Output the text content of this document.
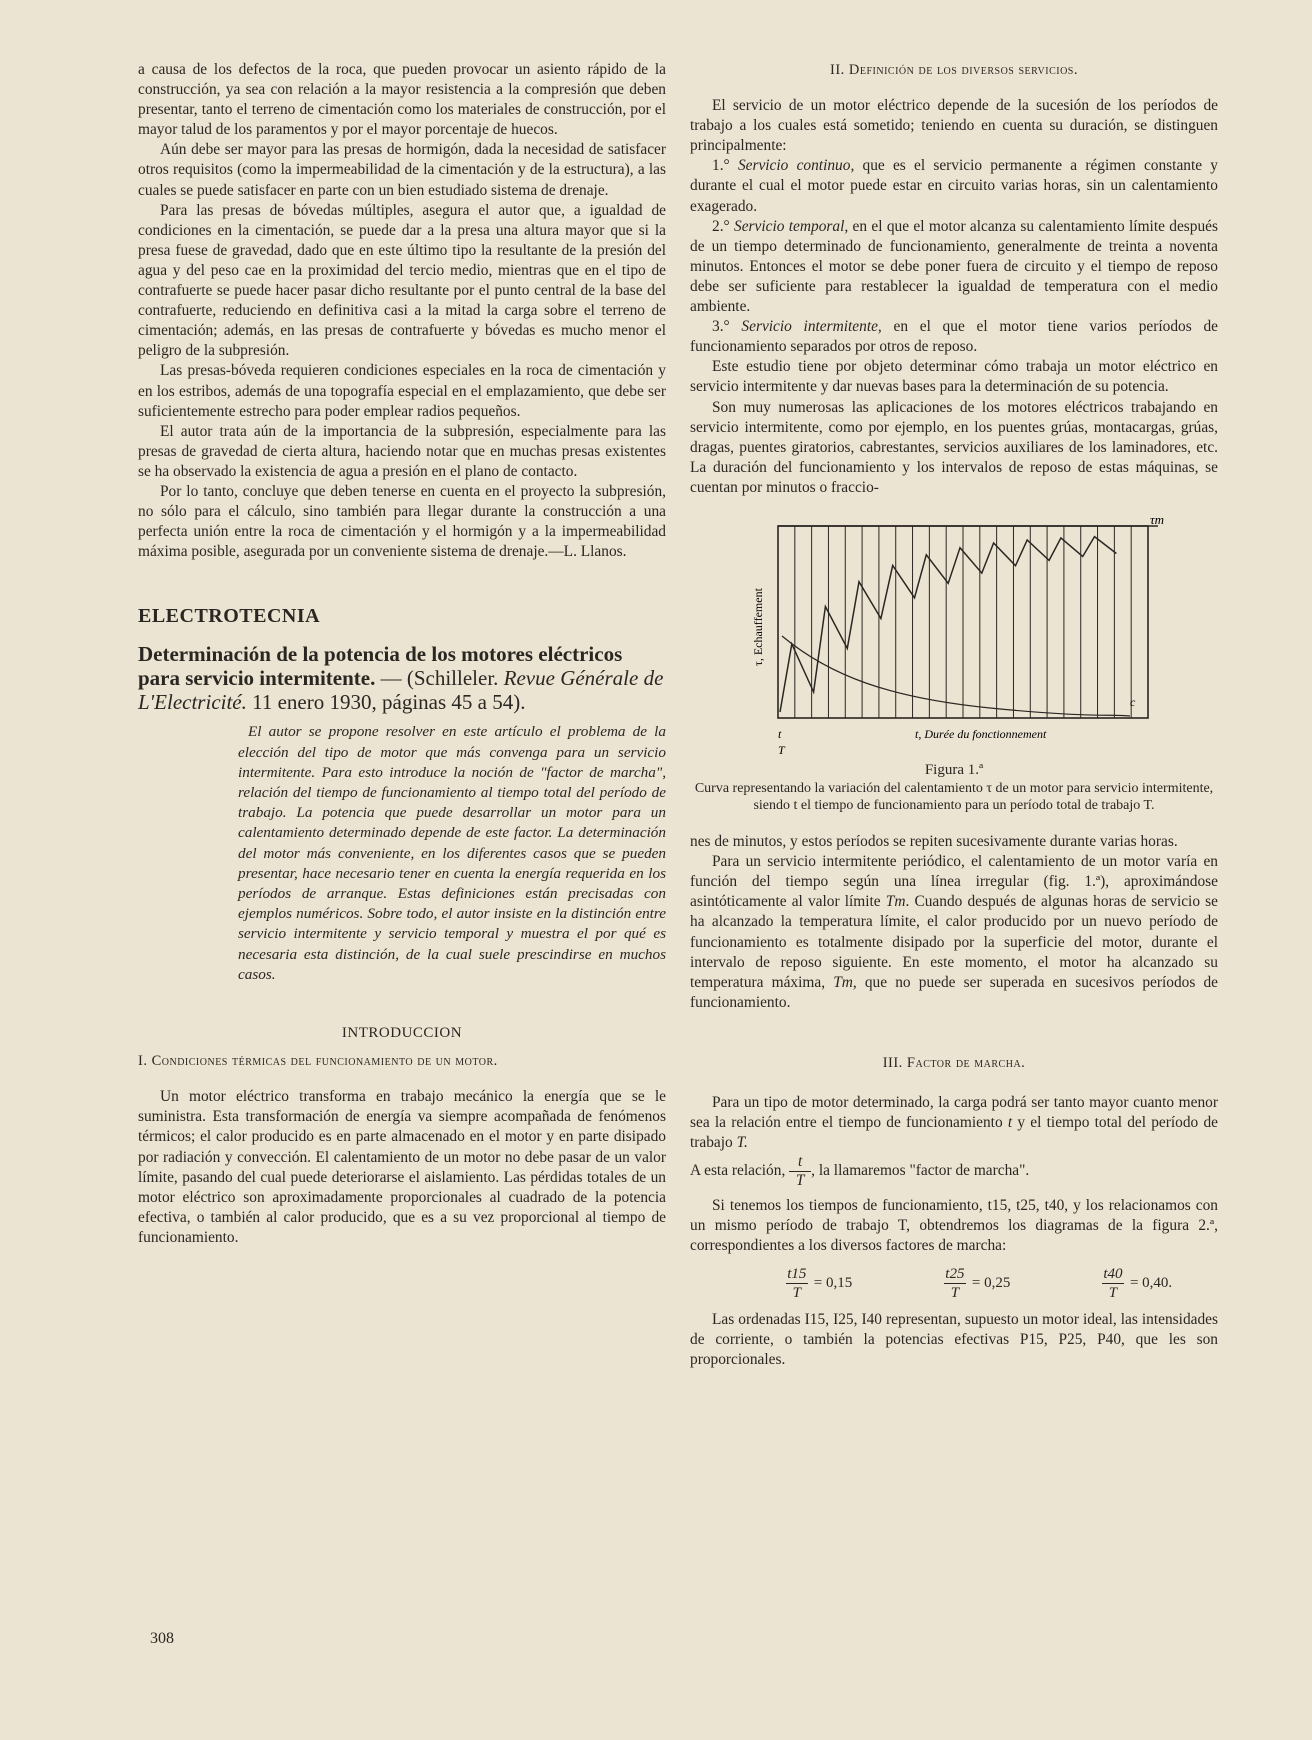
a causa de los defectos de la roca, que pueden provocar un asiento rápido de la construcción, ya sea con relación a la mayor resistencia a la compresión que deben presentar, tanto el terreno de cimentación como los materiales de construcción, por el mayor talud de los paramentos y por el mayor porcentaje de huecos.

Aún debe ser mayor para las presas de hormigón, dada la necesidad de satisfacer otros requisitos (como la impermeabilidad de la cimentación y de la estructura), a las cuales se puede satisfacer en parte con un bien estudiado sistema de drenaje.

Para las presas de bóvedas múltiples, asegura el autor que, a igualdad de condiciones en la cimentación, se puede dar a la presa una altura mayor que si la presa fuese de gravedad, dado que en este último tipo la resultante de la presión del agua y del peso cae en la proximidad del tercio medio, mientras que en el tipo de contrafuerte se puede hacer pasar dicho resultante por el punto central de la base del contrafuerte, reduciendo en definitiva casi a la mitad la carga sobre el terreno de cimentación; además, en las presas de contrafuerte y bóvedas es mucho menor el peligro de la subpresión.

Las presas-bóveda requieren condiciones especiales en la roca de cimentación y en los estribos, además de una topografía especial en el emplazamiento, que debe ser suficientemente estrecho para poder emplear radios pequeños.

El autor trata aún de la importancia de la subpresión, especialmente para las presas de gravedad de cierta altura, haciendo notar que en muchas presas existentes se ha observado la existencia de agua a presión en el plano de contacto.

Por lo tanto, concluye que deben tenerse en cuenta en el proyecto la subpresión, no sólo para el cálculo, sino también para llegar durante la construcción a una perfecta unión entre la roca de cimentación y el hormigón y a la impermeabilidad máxima posible, asegurada por un conveniente sistema de drenaje.—L. Llanos.

ELECTROTECNIA
Determinación de la potencia de los motores eléctricos para servicio intermitente. — (Schilleler. Revue Générale de L'Electricité. 11 enero 1930, páginas 45 a 54).

El autor se propone resolver en este artículo el problema de la elección del tipo de motor que más convenga para un servicio intermitente. Para esto introduce la noción de "factor de marcha", relación del tiempo de funcionamiento al tiempo total del período de trabajo. La potencia que puede desarrollar un motor para un calentamiento determinado depende de este factor. La determinación del motor más conveniente, en los diferentes casos que se pueden presentar, hace necesario tener en cuenta la energía requerida en los períodos de arranque. Estas definiciones están precisadas con ejemplos numéricos. Sobre todo, el autor insiste en la distinción entre servicio intermitente y servicio temporal y muestra el por qué es necesaria esta distinción, de la cual suele prescindirse en muchos casos.

INTRODUCCION
I. Condiciones térmicas del funcionamiento de un motor.

Un motor eléctrico transforma en trabajo mecánico la energía que se le suministra. Esta transformación de energía va siempre acompañada de fenómenos térmicos; el calor producido es en parte almacenado en el motor y en parte disipado por radiación y convección. El calentamiento de un motor no debe pasar de un valor límite, pasando del cual puede deteriorarse el aislamiento. Las pérdidas totales de un motor eléctrico son aproximadamente proporcionales al cuadrado de la potencia efectiva, o también al calor producido, que es a su vez proporcional al tiempo de funcionamiento.

308
II. Definición de los diversos servicios.

El servicio de un motor eléctrico depende de la sucesión de los períodos de trabajo a los cuales está sometido; teniendo en cuenta su duración, se distinguen principalmente:

1.° Servicio continuo, que es el servicio permanente a régimen constante y durante el cual el motor puede estar en circuito varias horas, sin un calentamiento exagerado.

2.° Servicio temporal, en el que el motor alcanza su calentamiento límite después de un tiempo determinado de funcionamiento, generalmente de treinta a noventa minutos. Entonces el motor se debe poner fuera de circuito y el tiempo de reposo debe ser suficiente para restablecer la igualdad de temperatura con el medio ambiente.

3.° Servicio intermitente, en el que el motor tiene varios períodos de funcionamiento separados por otros de reposo.

Este estudio tiene por objeto determinar cómo trabaja un motor eléctrico en servicio intermitente y dar nuevas bases para la determinación de su potencia.

Son muy numerosas las aplicaciones de los motores eléctricos trabajando en servicio intermitente, como por ejemplo, en los puentes grúas, montacargas, grúas, dragas, puentes giratorios, cabrestantes, servicios auxiliares de los laminadores, etc. La duración del funcionamiento y los intervalos de reposo de estas máquinas, se cuentan por minutos o fraccio-

τm
τ, Echauffement
c
t, Durée du fonctionnement
t
T
Figura 1.ª
Curva representando la variación del calentamiento τ de un motor para servicio intermitente, siendo t el tiempo de funcionamiento para un período total de trabajo T.

nes de minutos, y estos períodos se repiten sucesivamente durante varias horas.

Para un servicio intermitente periódico, el calentamiento de un motor varía en función del tiempo según una línea irregular (fig. 1.ª), aproximándose asintóticamente al valor límite Tm. Cuando después de algunas horas de servicio se ha alcanzado la temperatura límite, el calor producido por un nuevo período de funcionamiento es totalmente disipado por la superficie del motor, durante el intervalo de reposo siguiente. En este momento, el motor ha alcanzado su temperatura máxima, Tm, que no puede ser superada en sucesivos períodos de funcionamiento.

III. Factor de marcha.

Para un tipo de motor determinado, la carga podrá ser tanto mayor cuanto menor sea la relación entre el tiempo de funcionamiento t y el tiempo total del período de trabajo T.

A esta relación, $\frac{t}{T}$ , la llamaremos "factor de marcha".

Si tenemos los tiempos de funcionamiento, t15, t25, t40, y los relacionamos con un mismo período de trabajo T, obtendremos los diagramas de la figura 2.ª, correspondientes a los diversos factores de marcha:

$\frac{t15}{T} = 0,15$	$\frac{t25}{T} = 0,25$	$\frac{t40}{T} = 0,40$.

Las ordenadas I15, I25, I40 representan, supuesto un motor ideal, las intensidades de corriente, o también la potencias efectivas P15, P25, P40, que les son proporcionales.
